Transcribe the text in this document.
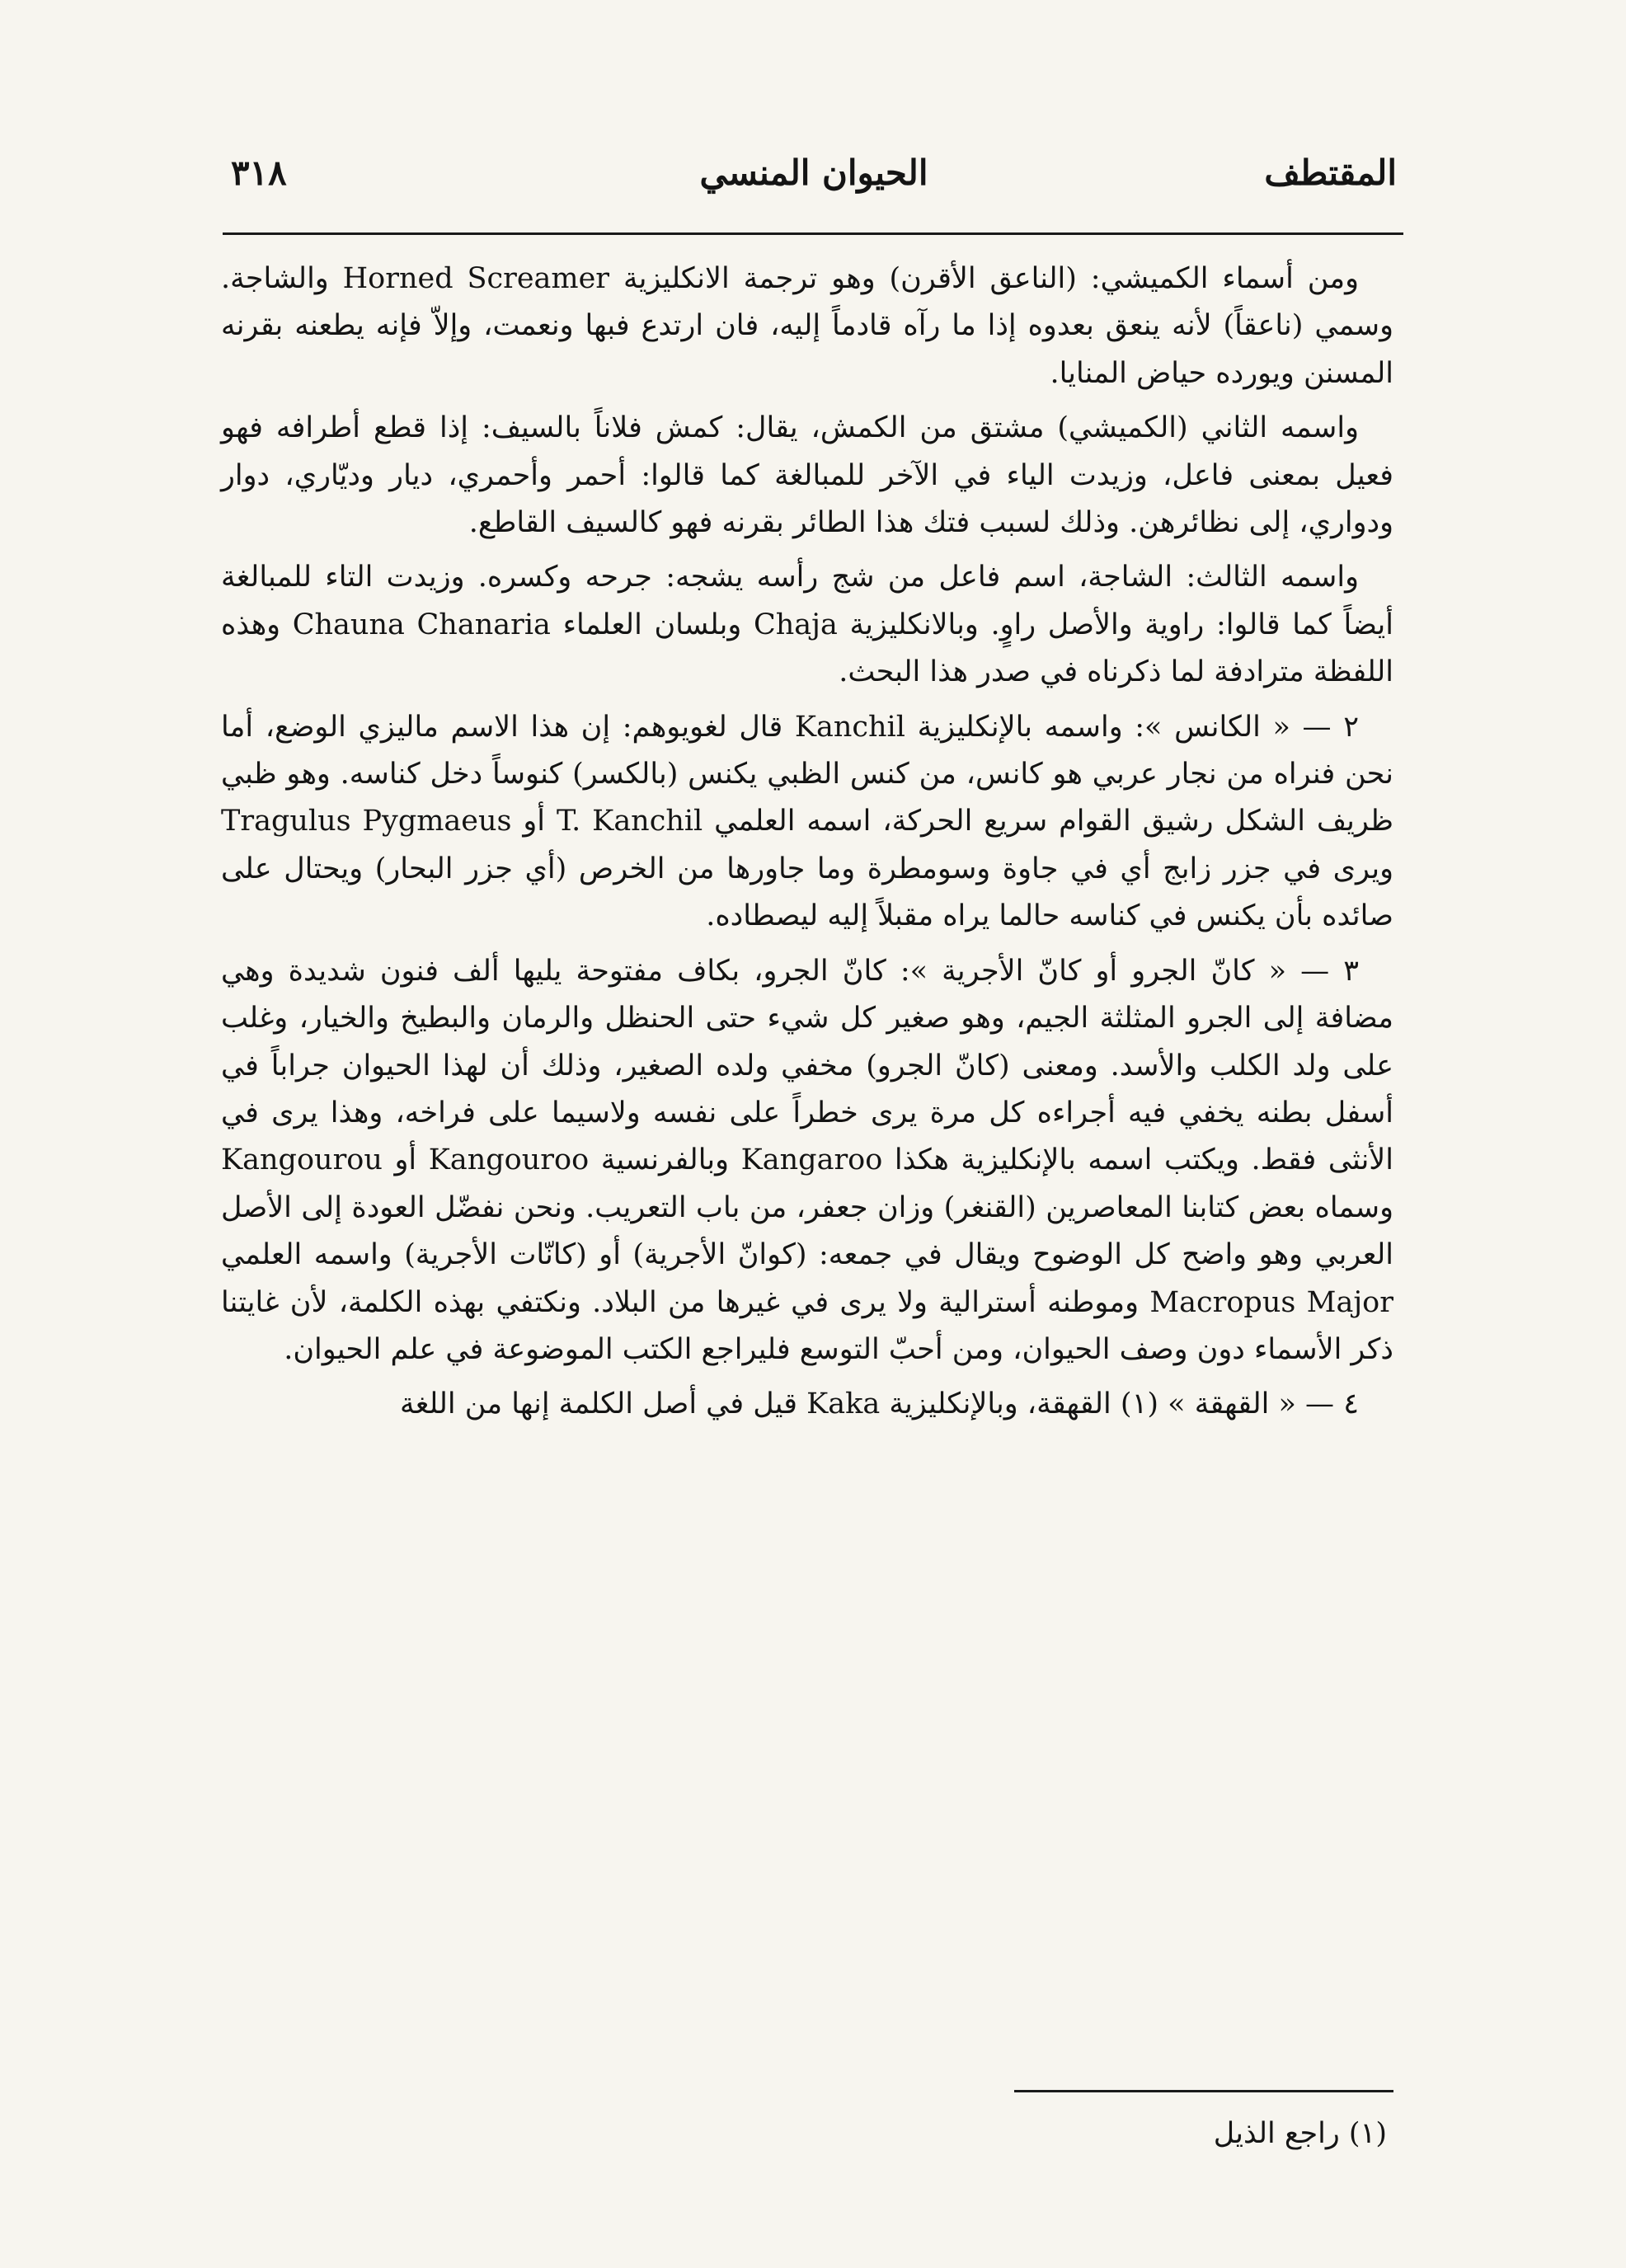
٣١٨	الحيوان المنسي	المقتطف

ومن أسماء الكميشي: (الناعق الأقرن) وهو ترجمة الانكليزية Horned Screamer والشاجة. وسمي (ناعقاً) لأنه ينعق بعدوه إذا ما رآه قادماً إليه، فان ارتدع فبها ونعمت، وإلاّ فإنه يطعنه بقرنه المسنن ويورده حياض المنايا.

واسمه الثاني (الكميشي) مشتق من الكمش، يقال: كمش فلاناً بالسيف: إذا قطع أطرافه فهو فعيل بمعنى فاعل، وزيدت الياء في الآخر للمبالغة كما قالوا: أحمر وأحمري، ديار وديّاري، دوار ودواري، إلى نظائرهن. وذلك لسبب فتك هذا الطائر بقرنه فهو كالسيف القاطع.

واسمه الثالث: الشاجة، اسم فاعل من شج رأسه يشجه: جرحه وكسره. وزيدت التاء للمبالغة أيضاً كما قالوا: راوية والأصل راوٍ. وبالانكليزية Chaja وبلسان العلماء Chauna Chanaria وهذه اللفظة مترادفة لما ذكرناه في صدر هذا البحث.

٢ — « الكانس »: واسمه بالإنكليزية Kanchil قال لغويوهم: إن هذا الاسم ماليزي الوضع، أما نحن فنراه من نجار عربي هو كانس، من كنس الظبي يكنس (بالكسر) كنوساً دخل كناسه. وهو ظبي ظريف الشكل رشيق القوام سريع الحركة، اسمه العلمي T. Kanchil أو Tragulus Pygmaeus ويرى في جزر زابج أي في جاوة وسومطرة وما جاورها من الخرص (أي جزر البحار) ويحتال على صائده بأن يكنس في كناسه حالما يراه مقبلاً إليه ليصطاده.

٣ — « كانّ الجرو أو كانّ الأجرية »: كانّ الجرو، بكاف مفتوحة يليها ألف فنون شديدة وهي مضافة إلى الجرو المثلثة الجيم، وهو صغير كل شيء حتى الحنظل والرمان والبطيخ والخيار، وغلب على ولد الكلب والأسد. ومعنى (كانّ الجرو) مخفي ولده الصغير، وذلك أن لهذا الحيوان جراباً في أسفل بطنه يخفي فيه أجراءه كل مرة يرى خطراً على نفسه ولاسيما على فراخه، وهذا يرى في الأنثى فقط. ويكتب اسمه بالإنكليزية هكذا Kangaroo وبالفرنسية Kangouroo أو Kangourou وسماه بعض كتابنا المعاصرين (القنغر) وزان جعفر، من باب التعريب. ونحن نفضّل العودة إلى الأصل العربي وهو واضح كل الوضوح ويقال في جمعه: (كوانّ الأجرية) أو (كانّات الأجرية) واسمه العلمي Macropus Major وموطنه أسترالية ولا يرى في غيرها من البلاد. ونكتفي بهذه الكلمة، لأن غايتنا ذكر الأسماء دون وصف الحيوان، ومن أحبّ التوسع فليراجع الكتب الموضوعة في علم الحيوان.

٤ — « القهقة » (١) القهقة، وبالإنكليزية Kaka قيل في أصل الكلمة إنها من اللغة

(١) راجع الذيل
